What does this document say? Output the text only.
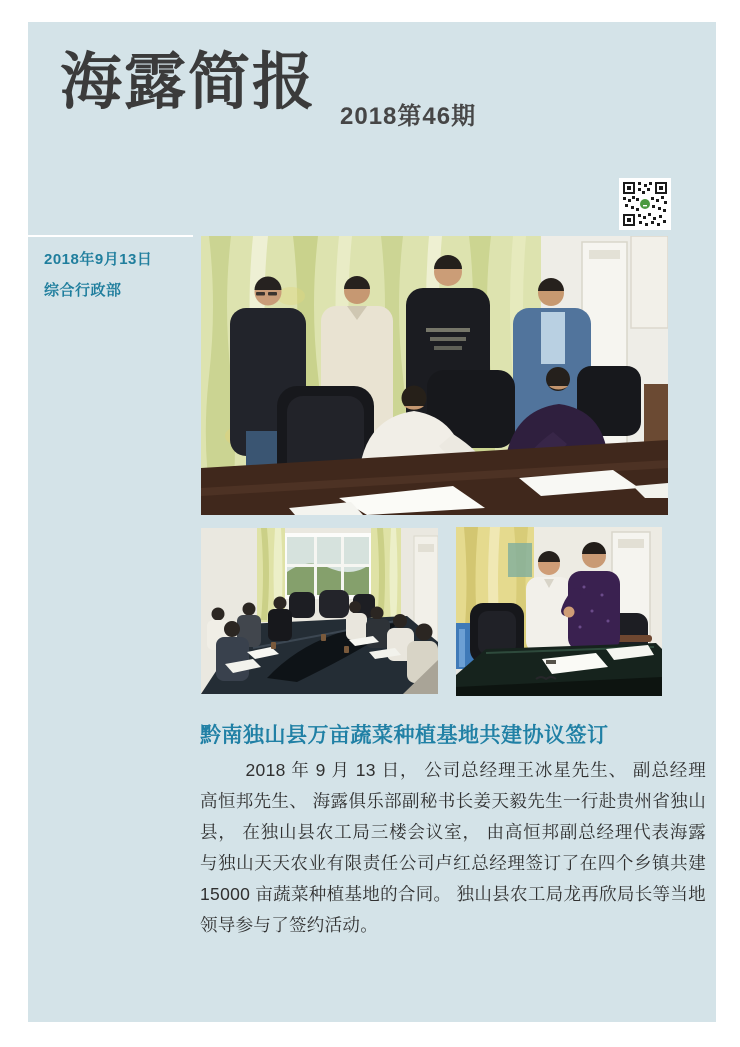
海露简报 2018第46期
2018年9月13日
综合行政部
黔南独山县万亩蔬菜种植基地共建协议签订
2018 年 9 月 13 日， 公司总经理王冰星先生、 副总经理高恒邦先生、 海露俱乐部副秘书长姜天毅先生一行赴贵州省独山县， 在独山县农工局三楼会议室， 由高恒邦副总经理代表海露与独山天天农业有限责任公司卢红总经理签订了在四个乡镇共建 15000 亩蔬菜种植基地的合同。 独山县农工局龙再欣局长等当地领导参与了签约活动。
